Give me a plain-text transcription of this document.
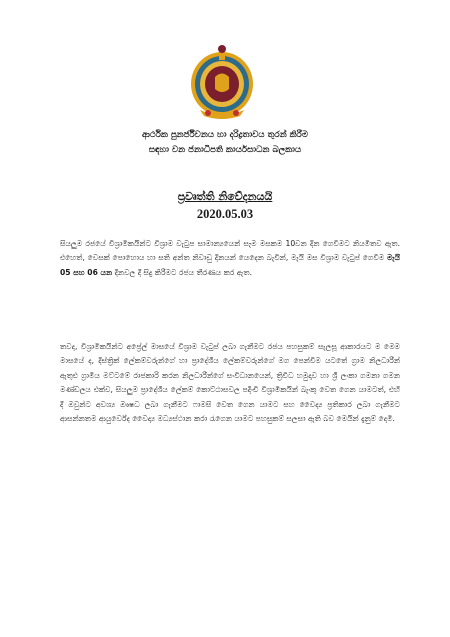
ආර්ථික පුනර්ජීවනය හා දරිද්‍රතාවය තුරන් කිරීම
සඳහා වන ජනාධිපති කාර්යසාධන බලකාය
ප්‍රවෘත්ති නිවේදනයයි
2020.05.03

සියලුම රජයේ විශ්‍රාමිකයින්ට විශ්‍රාම වැටුප සාමාන්‍යයෙන් සෑම මසකම 10වන දින ගෙවීමට නියමිතව ඇත. එහෙත්, වෙසක් පොහොය හා සති අන්ත නිවාඩු දිනයන් යෙදෙන බැවින්, මැයි මස විශ්‍රාම වැටුප් ගෙවීම මැයි 05 සහ 06 යන දිනවල දී සිදු කිරීමට රජය තීරණය කර ඇත.

තවද, විශ්‍රාමිකයින්ට අප්‍රේල් මාසයේ විශ්‍රාම වැටුප් ලබා ගැනීමට රජය පහසුකම් සැලසූ ආකාරයට ම මෙම මාසයේ ද, දිස්ත්‍රික් ලේකම්වරුන්ගේ හා ප්‍රාදේශීය ලේකම්වරුන්ගේ මග පෙන්වීම යටතේ ග්‍රාම නිලධාරීන් ඇතුළු ග්‍රාමීය මට්ටමේ රාජකාරි කරන නිලධාරීන්ගේ සංවිධානයෙන්, ත්‍රිවිධ හමුදාව හා ශ්‍රී ලංකා ගමනා ගමන මණ්ඩලය එක්ව, සියලුම ප්‍රාදේශීය ලේකම් කොට්ඨාසවල පදිංචි විශ්‍රාමිකයින් බැංකු වෙත ගෙන යාමටත්, එහි දී ඔවුන්ට අවශ්‍ය ඖෂධ ලබා ගැනීමට ෆාමසි වෙත ගෙන යාමට සහ වෛද්‍ය ප්‍රතිකාර ලබා ගැනීමට ආසන්නතම ආයුර්වේද වෛද්‍ය මධ්‍යස්ථාන කරා රැගෙන යාමට පහසුකම් සලසා ඇති බව මෙයින් දැනුම් දෙමි.
